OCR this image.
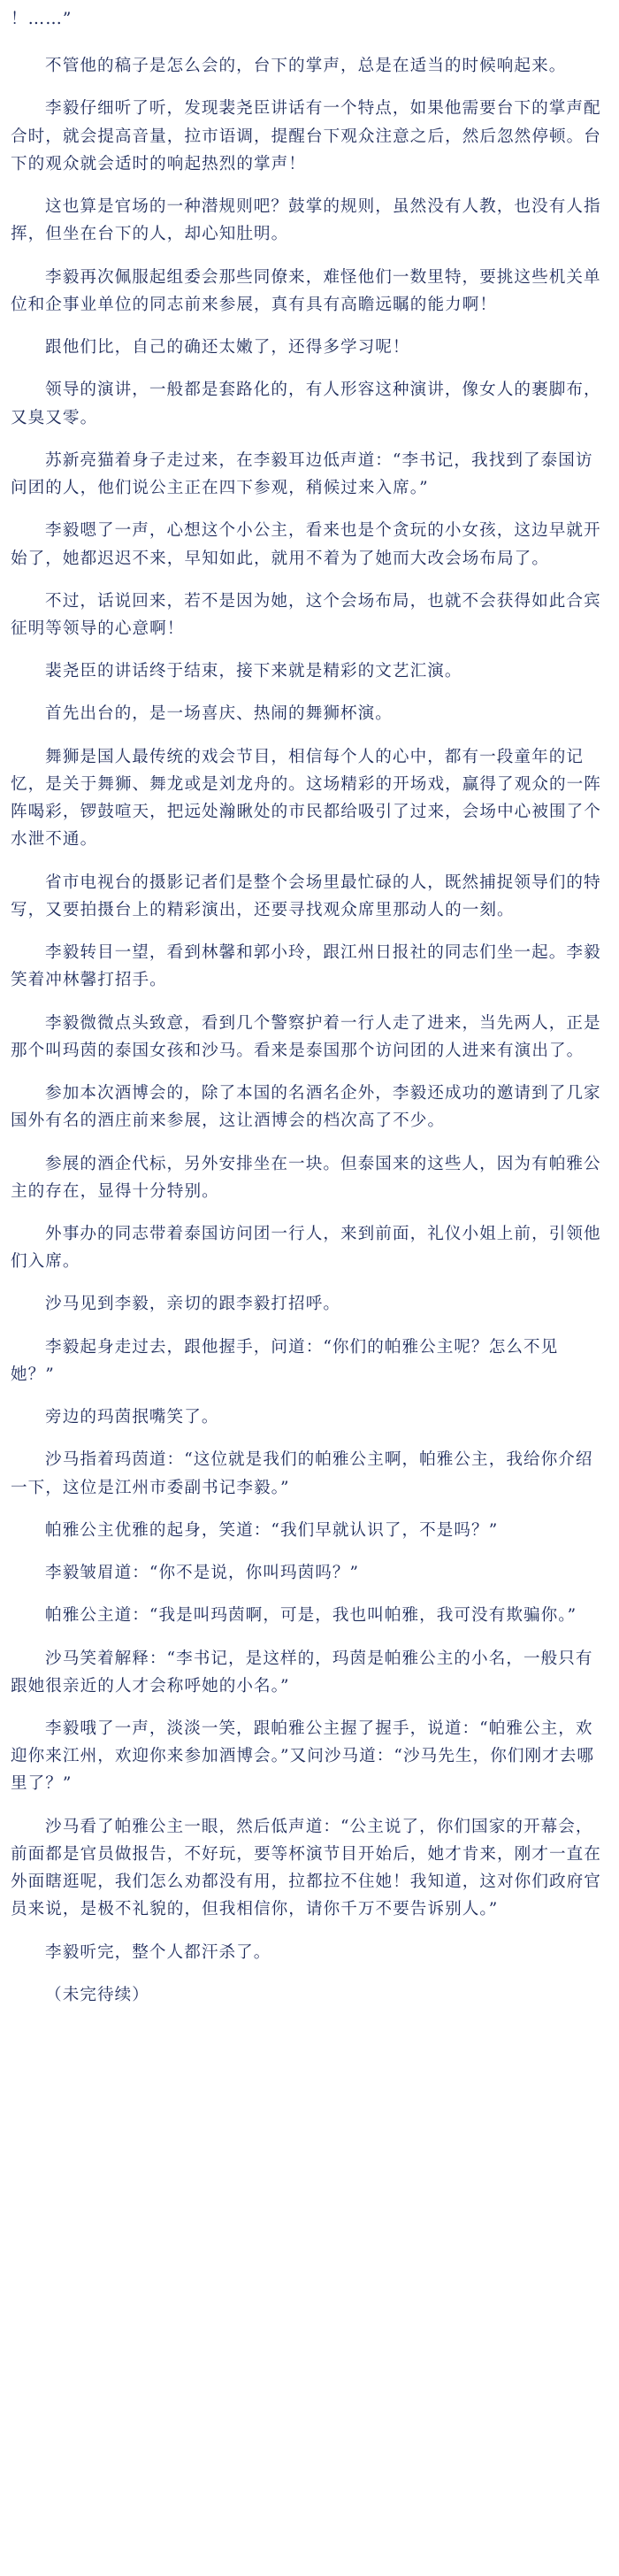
！……”

不管他的稿子是怎么会的，台下的掌声，总是在适当的时候响起来。

李毅仔细听了听，发现裴尧臣讲话有一个特点，如果他需要台下的掌声配合时，就会提高音量，拉市语调，提醒台下观众注意之后，然后忽然停顿。台下的观众就会适时的响起热烈的掌声！

这也算是官场的一种潜规则吧？鼓掌的规则，虽然没有人教，也没有人指挥，但坐在台下的人，却心知肚明。

李毅再次佩服起组委会那些同僚来，难怪他们一数里特，要挑这些机关单位和企事业单位的同志前来参展，真有具有高瞻远瞩的能力啊！

跟他们比，自己的确还太嫩了，还得多学习呢！

领导的演讲，一般都是套路化的，有人形容这种演讲，像女人的裹脚布，又臭又零。

苏新亮猫着身子走过来，在李毅耳边低声道：“李书记，我找到了泰国访问团的人，他们说公主正在四下参观，稍候过来入席。”

李毅嗯了一声，心想这个小公主，看来也是个贪玩的小女孩，这边早就开始了，她都迟迟不来，早知如此，就用不着为了她而大改会场布局了。

不过，话说回来，若不是因为她，这个会场布局，也就不会获得如此合宾征明等领导的心意啊！

裴尧臣的讲话终于结束，接下来就是精彩的文艺汇演。

首先出台的，是一场喜庆、热闹的舞狮杯演。

舞狮是国人最传统的戏会节目，相信每个人的心中，都有一段童年的记忆，是关于舞狮、舞龙或是刘龙舟的。这场精彩的开场戏，赢得了观众的一阵阵喝彩，锣鼓喧天，把远处瀚瞅处的市民都给吸引了过来，会场中心被围了个水泄不通。

省市电视台的摄影记者们是整个会场里最忙碌的人，既然捕捉领导们的特写，又要拍摄台上的精彩演出，还要寻找观众席里那动人的一刻。

李毅转目一望，看到林馨和郭小玲，跟江州日报社的同志们坐一起。李毅笑着冲林馨打招手。

李毅微微点头致意，看到几个警察护着一行人走了进来，当先两人，正是那个叫玛茵的泰国女孩和沙马。看来是泰国那个访问团的人进来有演出了。

参加本次酒博会的，除了本国的名酒名企外，李毅还成功的邀请到了几家国外有名的酒庄前来参展，这让酒博会的档次高了不少。

参展的酒企代标，另外安排坐在一块。但泰国来的这些人，因为有帕雅公主的存在，显得十分特别。

外事办的同志带着泰国访问团一行人，来到前面，礼仪小姐上前，引领他们入席。

沙马见到李毅，亲切的跟李毅打招呼。

李毅起身走过去，跟他握手，问道：“你们的帕雅公主呢？怎么不见她？”

旁边的玛茵抿嘴笑了。

沙马指着玛茵道：“这位就是我们的帕雅公主啊，帕雅公主，我给你介绍一下，这位是江州市委副书记李毅。”

帕雅公主优雅的起身，笑道：“我们早就认识了，不是吗？”

李毅皱眉道：“你不是说，你叫玛茵吗？”

帕雅公主道：“我是叫玛茵啊，可是，我也叫帕雅，我可没有欺骗你。”

沙马笑着解释：“李书记，是这样的，玛茵是帕雅公主的小名，一般只有跟她很亲近的人才会称呼她的小名。”

李毅哦了一声，淡淡一笑，跟帕雅公主握了握手，说道：“帕雅公主，欢迎你来江州，欢迎你来参加酒博会。”又问沙马道：“沙马先生，你们刚才去哪里了？”

沙马看了帕雅公主一眼，然后低声道：“公主说了，你们国家的开幕会，前面都是官员做报告，不好玩，要等杯演节目开始后，她才肯来，刚才一直在外面瞎逛呢，我们怎么劝都没有用，拉都拉不住她！我知道，这对你们政府官员来说，是极不礼貌的，但我相信你，请你千万不要告诉别人。”

李毅听完，整个人都汗杀了。

（未完待续）
